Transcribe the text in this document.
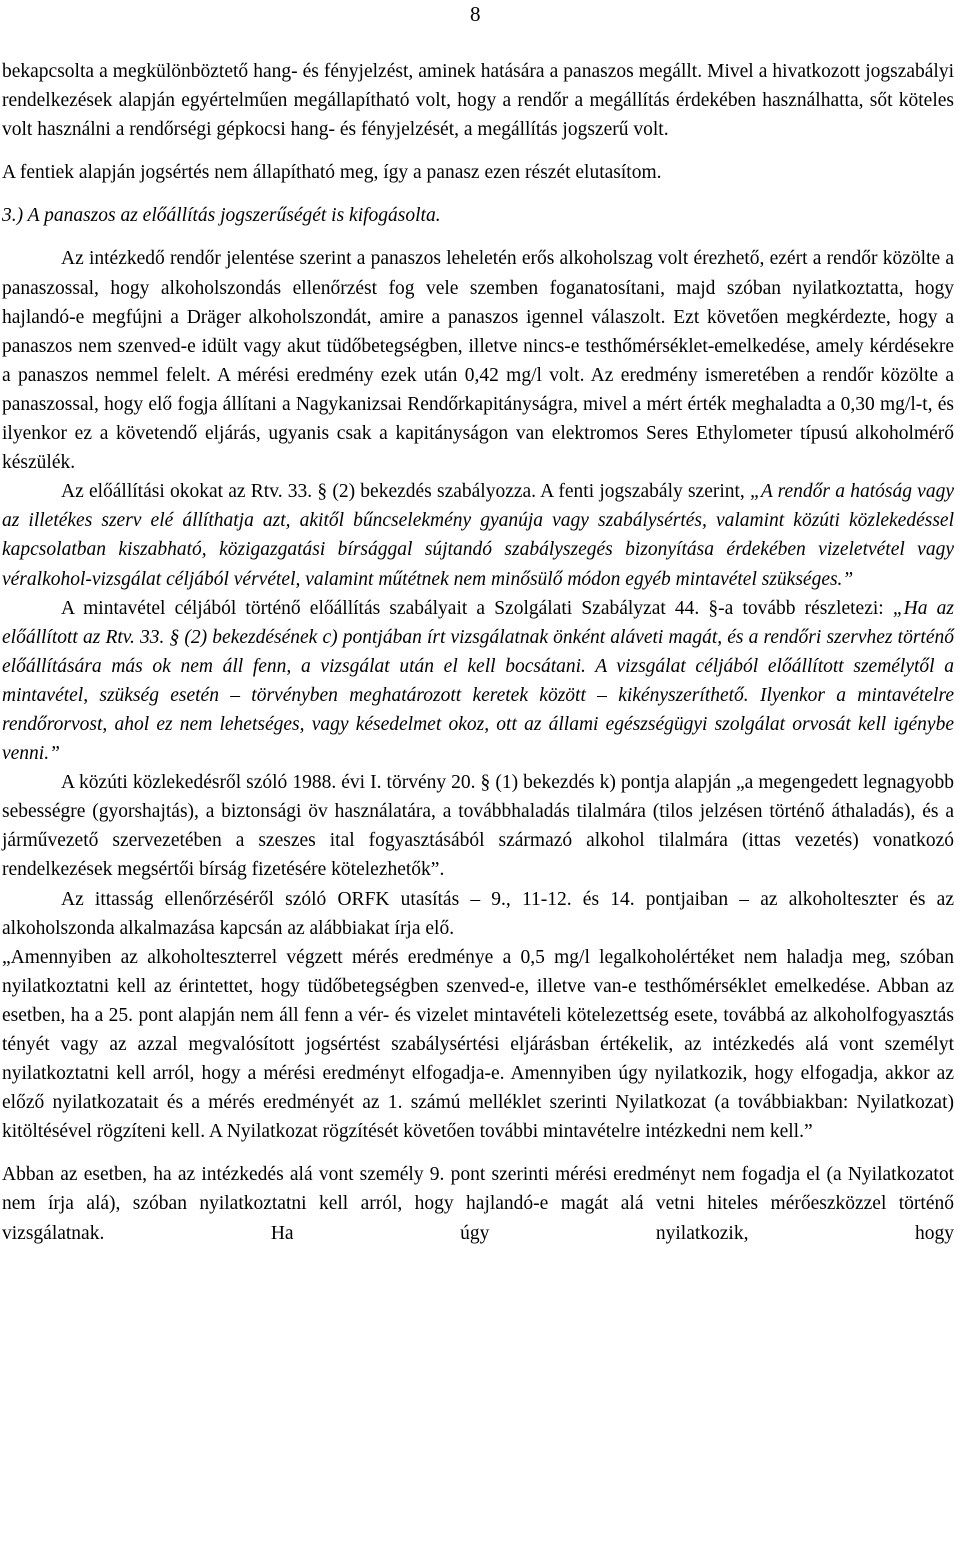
8

bekapcsolta a megkülönböztető hang- és fényjelzést, aminek hatására a panaszos megállt. Mivel a hivatkozott jogszabályi rendelkezések alapján egyértelműen megállapítható volt, hogy a rendőr a megállítás érdekében használhatta, sőt köteles volt használni a rendőrségi gépkocsi hang- és fényjelzését, a megállítás jogszerű volt.

A fentiek alapján jogsértés nem állapítható meg, így a panasz ezen részét elutasítom.

3.) A panaszos az előállítás jogszerűségét is kifogásolta.

Az intézkedő rendőr jelentése szerint a panaszos leheletén erős alkoholszag volt érezhető, ezért a rendőr közölte a panaszossal, hogy alkoholszondás ellenőrzést fog vele szemben foganatosítani, majd szóban nyilatkoztatta, hogy hajlandó-e megfújni a Dräger alkoholszondát, amire a panaszos igennel válaszolt. Ezt követően megkérdezte, hogy a panaszos nem szenved-e idült vagy akut tüdőbetegségben, illetve nincs-e testhőmérséklet-emelkedése, amely kérdésekre a panaszos nemmel felelt. A mérési eredmény ezek után 0,42 mg/l volt. Az eredmény ismeretében a rendőr közölte a panaszossal, hogy elő fogja állítani a Nagykanizsai Rendőrkapitányságra, mivel a mért érték meghaladta a 0,30 mg/l-t, és ilyenkor ez a követendő eljárás, ugyanis csak a kapitányságon van elektromos Seres Ethylometer típusú alkoholmérő készülék.

Az előállítási okokat az Rtv. 33. § (2) bekezdés szabályozza. A fenti jogszabály szerint, „A rendőr a hatóság vagy az illetékes szerv elé állíthatja azt, akitől bűncselekmény gyanúja vagy szabálysértés, valamint közúti közlekedéssel kapcsolatban kiszabható, közigazgatási bírsággal sújtandó szabályszegés bizonyítása érdekében vizeletvétel vagy véralkohol-vizsgálat céljából vérvétel, valamint műtétnek nem minősülő módon egyéb mintavétel szükséges.”

A mintavétel céljából történő előállítás szabályait a Szolgálati Szabályzat 44. §-a tovább részletezi: „Ha az előállított az Rtv. 33. § (2) bekezdésének c) pontjában írt vizsgálatnak önként aláveti magát, és a rendőri szervhez történő előállítására más ok nem áll fenn, a vizsgálat után el kell bocsátani. A vizsgálat céljából előállított személytől a mintavétel, szükség esetén – törvényben meghatározott keretek között – kikényszeríthető. Ilyenkor a mintavételre rendőrorvost, ahol ez nem lehetséges, vagy késedelmet okoz, ott az állami egészségügyi szolgálat orvosát kell igénybe venni.”

A közúti közlekedésről szóló 1988. évi I. törvény 20. § (1) bekezdés k) pontja alapján „a megengedett legnagyobb sebességre (gyorshajtás), a biztonsági öv használatára, a továbbhaladás tilalmára (tilos jelzésen történő áthaladás), és a járművezető szervezetében a szeszes ital fogyasztásából származó alkohol tilalmára (ittas vezetés) vonatkozó rendelkezések megsértői bírság fizetésére kötelezhetők”.

Az ittasság ellenőrzéséről szóló ORFK utasítás – 9., 11-12. és 14. pontjaiban – az alkoholteszter és az alkoholszonda alkalmazása kapcsán az alábbiakat írja elő.

„Amennyiben az alkoholteszterrel végzett mérés eredménye a 0,5 mg/l legalkoholértéket nem haladja meg, szóban nyilatkoztatni kell az érintettet, hogy tüdőbetegségben szenved-e, illetve van-e testhőmérséklet emelkedése. Abban az esetben, ha a 25. pont alapján nem áll fenn a vér- és vizelet mintavételi kötelezettség esete, továbbá az alkoholfogyasztás tényét vagy az azzal megvalósított jogsértést szabálysértési eljárásban értékelik, az intézkedés alá vont személyt nyilatkoztatni kell arról, hogy a mérési eredményt elfogadja-e. Amennyiben úgy nyilatkozik, hogy elfogadja, akkor az előző nyilatkozatait és a mérés eredményét az 1. számú melléklet szerinti Nyilatkozat (a továbbiakban: Nyilatkozat) kitöltésével rögzíteni kell. A Nyilatkozat rögzítését követően további mintavételre intézkedni nem kell.”

Abban az esetben, ha az intézkedés alá vont személy 9. pont szerinti mérési eredményt nem fogadja el (a Nyilatkozatot nem írja alá), szóban nyilatkoztatni kell arról, hogy hajlandó-e magát alá vetni hiteles mérőeszközzel történő vizsgálatnak. Ha úgy nyilatkozik, hogy
